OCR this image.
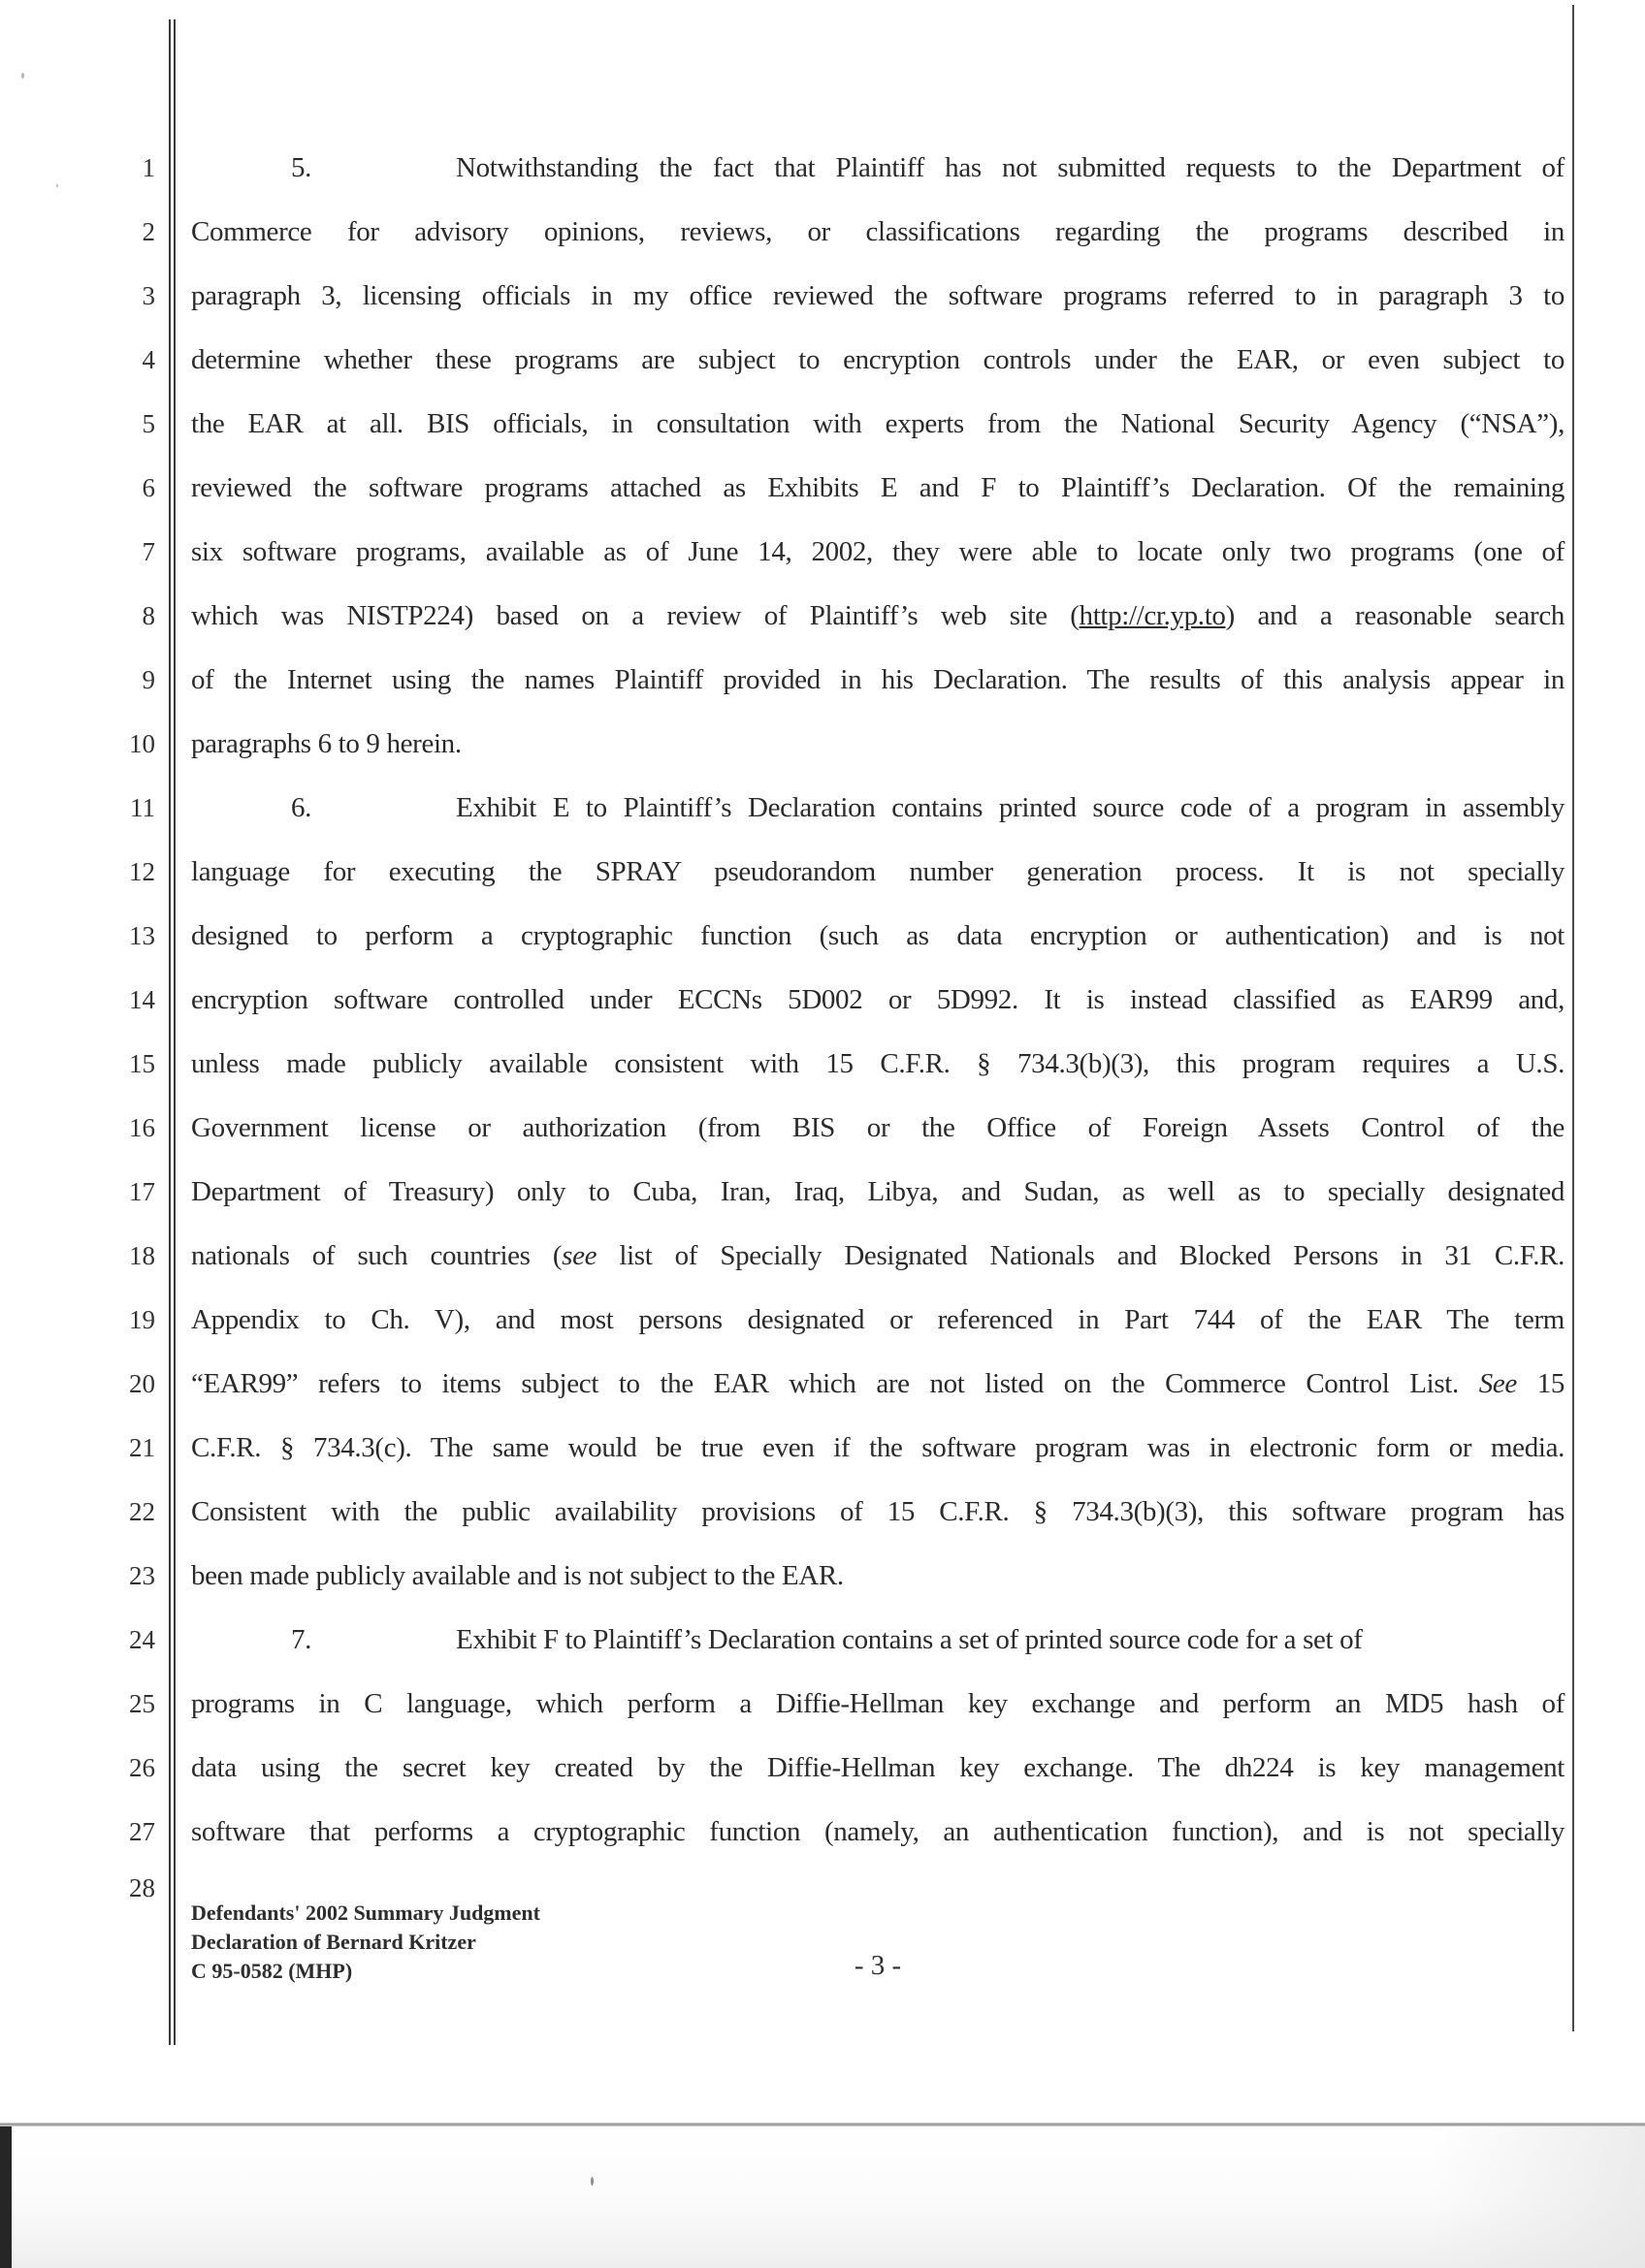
1
2
3
4
5
6
7
8
9
10
11
12
13
14
15
16
17
18
19
20
21
22
23
24
25
26
27
28
5.	Notwithstanding the fact that Plaintiff has not submitted requests to the Department of
Commerce for advisory opinions, reviews, or classifications regarding the programs described in
paragraph 3, licensing officials in my office reviewed the software programs referred to in paragraph 3 to
determine whether these programs are subject to encryption controls under the EAR, or even subject to
the EAR at all. BIS officials, in consultation with experts from the National Security Agency (“NSA”),
reviewed the software programs attached as Exhibits E and F to Plaintiff’s Declaration. Of the remaining
six software programs, available as of June 14, 2002, they were able to locate only two programs (one of
which was NISTP224) based on a review of Plaintiff’s web site (http://cr.yp.to) and a reasonable search
of the Internet using the names Plaintiff provided in his Declaration. The results of this analysis appear in
paragraphs 6 to 9 herein.
6.	Exhibit E to Plaintiff’s Declaration contains printed source code of a program in assembly
language for executing the SPRAY pseudorandom number generation process. It is not specially
designed to perform a cryptographic function (such as data encryption or authentication) and is not
encryption software controlled under ECCNs 5D002 or 5D992. It is instead classified as EAR99 and,
unless made publicly available consistent with 15 C.F.R. § 734.3(b)(3), this program requires a U.S.
Government license or authorization (from BIS or the Office of Foreign Assets Control of the
Department of Treasury) only to Cuba, Iran, Iraq, Libya, and Sudan, as well as to specially designated
nationals of such countries (see list of Specially Designated Nationals and Blocked Persons in 31 C.F.R.
Appendix to Ch. V), and most persons designated or referenced in Part 744 of the EAR The term
“EAR99” refers to items subject to the EAR which are not listed on the Commerce Control List. See 15
C.F.R. § 734.3(c). The same would be true even if the software program was in electronic form or media.
Consistent with the public availability provisions of 15 C.F.R. § 734.3(b)(3), this software program has
been made publicly available and is not subject to the EAR.
7.	Exhibit F to Plaintiff’s Declaration contains a set of printed source code for a set of
programs in C language, which perform a Diffie-Hellman key exchange and perform an MD5 hash of
data using the secret key created by the Diffie-Hellman key exchange. The dh224 is key management
software that performs a cryptographic function (namely, an authentication function), and is not specially
Defendants' 2002 Summary Judgment
Declaration of Bernard Kritzer
C 95-0582 (MHP)	- 3 -
